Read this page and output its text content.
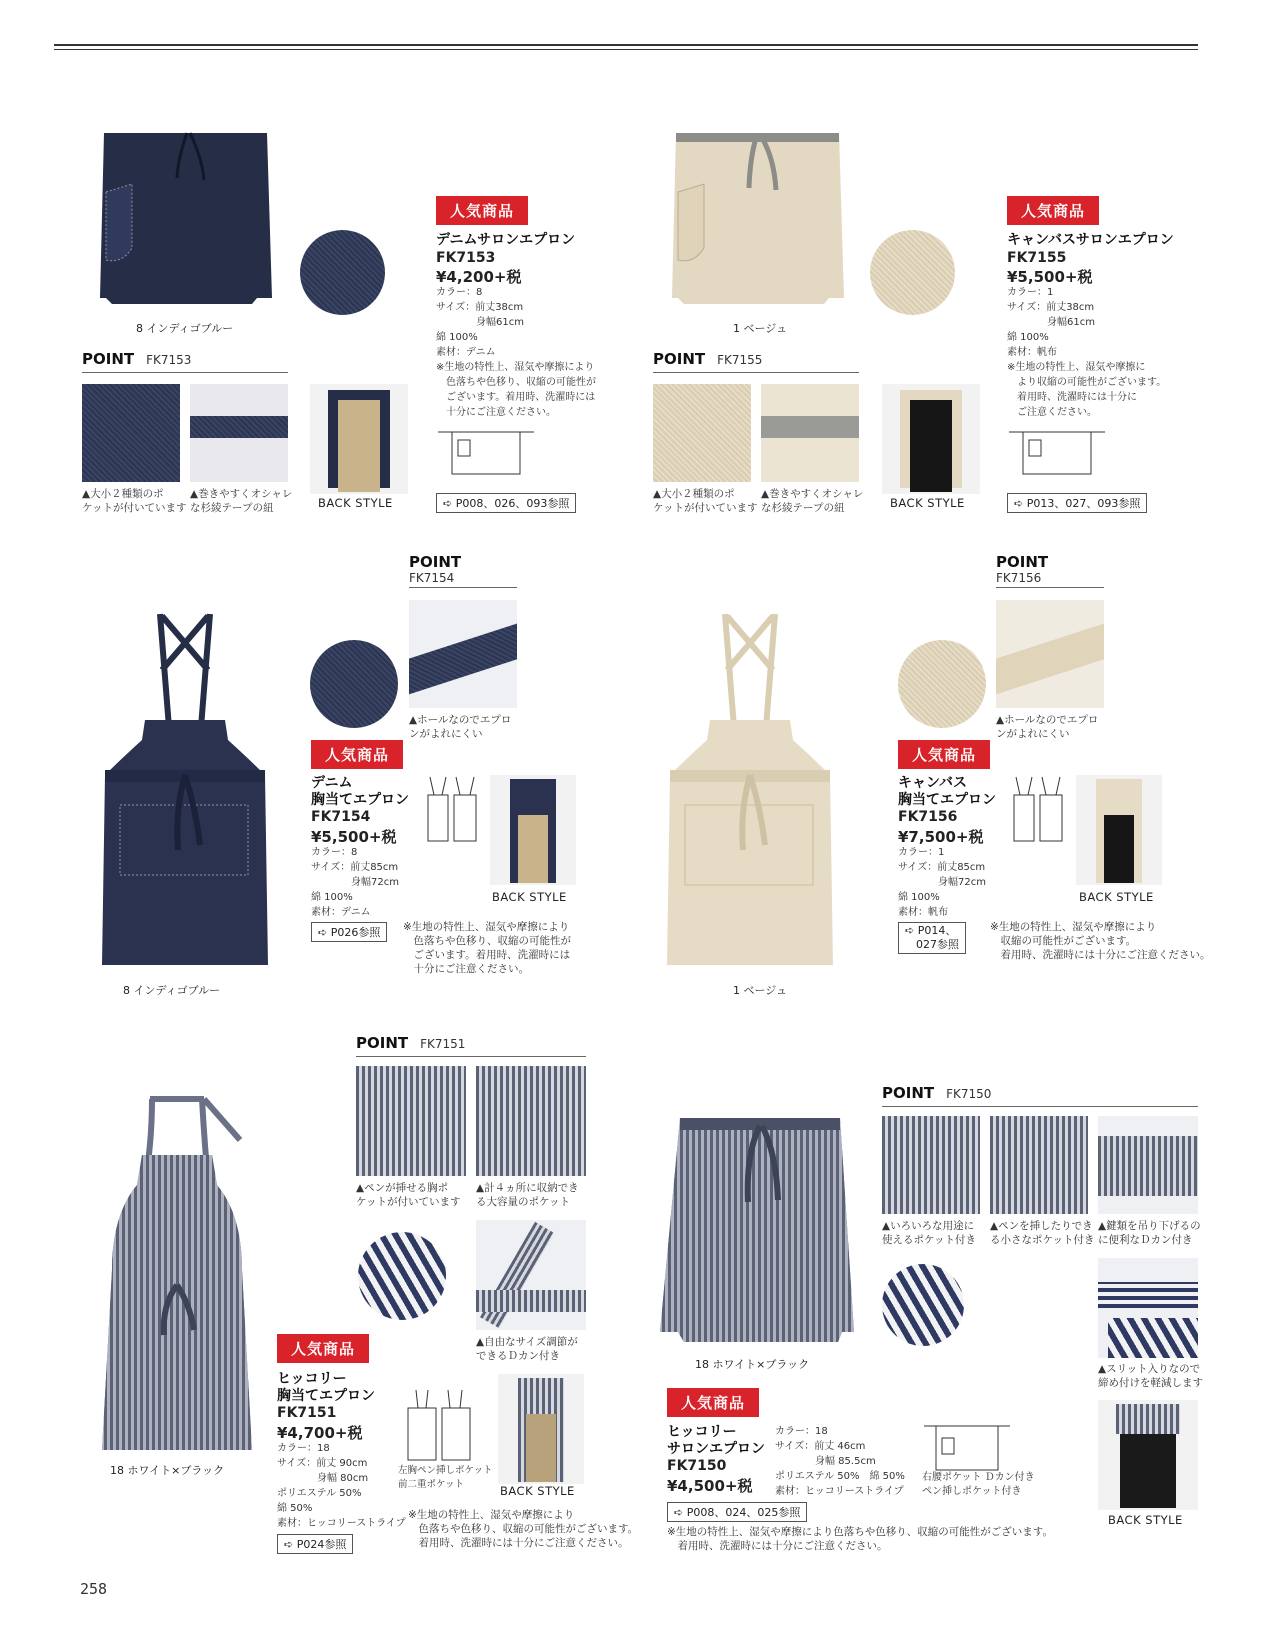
8 インディゴブルー
人気商品
デニムサロンエプロン
FK7153
¥4,200+税
カラー：8
サイズ：前丈38cm
　　　　身幅61cm
綿 100%
素材：デニム
※生地の特性上、湿気や摩擦により
　色落ちや色移り、収縮の可能性が
　ございます。着用時、洗濯時には
　十分にご注意ください。
➪ P008、026、093参照
POINT FK7153
▲大小２種類のポ
ケットが付いています
▲巻きやすくオシャレ
な杉綾テープの紐	BACK STYLE
1 ベージュ
人気商品
キャンバスサロンエプロン
FK7155
¥5,500+税
カラー：1
サイズ：前丈38cm
　　　　身幅61cm
綿 100%
素材：帆布
※生地の特性上、湿気や摩擦に
　より収縮の可能性がございます。
　着用時、洗濯時には十分に
　ご注意ください。
➪ P013、027、093参照
POINT FK7155
▲大小２種類のポ
ケットが付いています
▲巻きやすくオシャレ
な杉綾テープの紐	BACK STYLE
8 インディゴブルー
POINT
FK7154
▲ホールなのでエプロ
ンがよれにくい
人気商品
デニム
胸当てエプロン
FK7154
¥5,500+税
カラー：8
サイズ：前丈85cm
　　　　身幅72cm
綿 100%
素材：デニム
➪ P026参照
BACK STYLE
※生地の特性上、湿気や摩擦により
　色落ちや色移り、収縮の可能性が
　ございます。着用時、洗濯時には
　十分にご注意ください。
1 ベージュ
POINT
FK7156
▲ホールなのでエプロ
ンがよれにくい
人気商品
キャンバス
胸当てエプロン
FK7156
¥7,500+税
カラー：1
サイズ：前丈85cm
　　　　身幅72cm
綿 100%
素材：帆布
➪ P014、
　027参照
BACK STYLE
※生地の特性上、湿気や摩擦により
　収縮の可能性がございます。
　着用時、洗濯時には十分にご注意ください。
18 ホワイト×ブラック
POINT FK7151
▲ペンが挿せる胸ポ
ケットが付いています
▲計４ヵ所に収納でき
る大容量のポケット
▲自由なサイズ調節が
できるＤカン付き
人気商品
ヒッコリー
胸当てエプロン
FK7151
¥4,700+税
カラー：18
サイズ：前丈 90cm
　　　　身幅 80cm
ポリエステル 50%
綿 50%
素材：ヒッコリーストライプ
➪ P024参照
左胸ペン挿しポケット
前二重ポケット	BACK STYLE
※生地の特性上、湿気や摩擦により
　色落ちや色移り、収縮の可能性がございます。
　着用時、洗濯時には十分にご注意ください。
18 ホワイト×ブラック
POINT FK7150
▲いろいろな用途に
使えるポケット付き
▲ペンを挿したりでき
る小さなポケット付き
▲鍵類を吊り下げるの
に便利なＤカン付き
▲スリット入りなので
締め付けを軽減します
BACK STYLE
人気商品
ヒッコリー
サロンエプロン
FK7150
¥4,500+税
カラー：18
サイズ：前丈 46cm
　　　　身幅 85.5cm
ポリエステル 50%　綿 50%
素材：ヒッコリーストライプ
右腰ポケット Ｄカン付き
ペン挿しポケット付き
➪ P008、024、025参照
※生地の特性上、湿気や摩擦により色落ちや色移り、収縮の可能性がございます。
　着用時、洗濯時には十分にご注意ください。
258
